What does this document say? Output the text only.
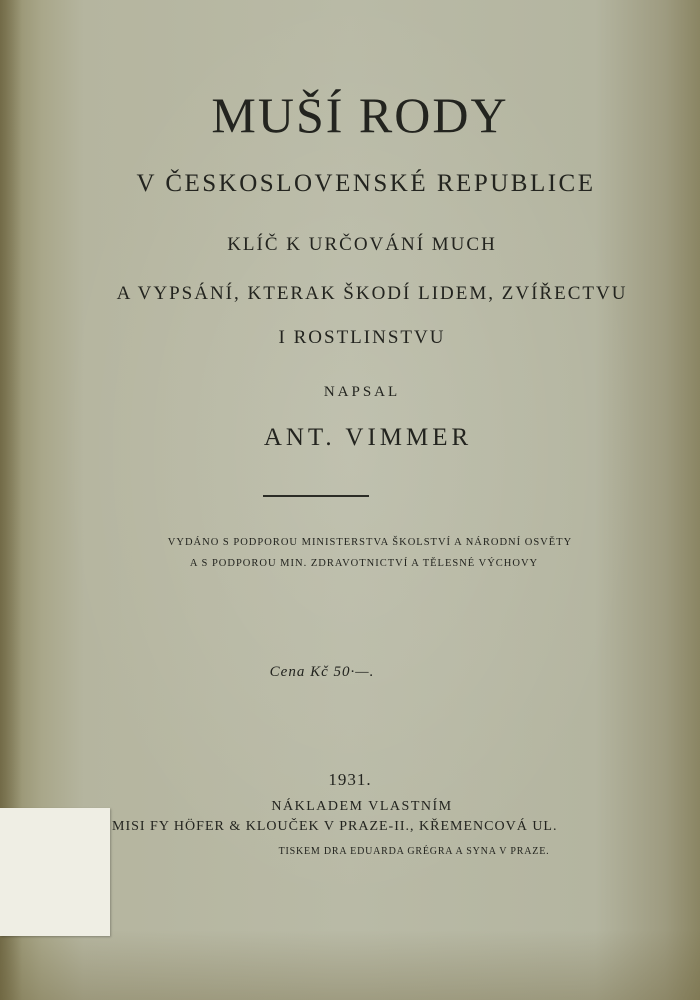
MUŠÍ RODY
V ČESKOSLOVENSKÉ REPUBLICE
KLÍČ K URČOVÁNÍ MUCH
A VYPSÁNÍ, KTERAK ŠKODÍ LIDEM, ZVÍŘECTVU
I ROSTLINSTVU
NAPSAL
ANT. VIMMER
VYDÁNO S PODPOROU MINISTERSTVA ŠKOLSTVÍ A NÁRODNÍ OSVĚTY
A S PODPOROU MIN. ZDRAVOTNICTVÍ A TĚLESNÉ VÝCHOVY
Cena Kč 50·—.
1931.
NÁKLADEM VLASTNÍM
MISI FY HÖFER & KLOUČEK V PRAZE-II., KŘEMENCOVÁ UL.
TISKEM DRA EDUARDA GRÉGRA A SYNA V PRAZE.
